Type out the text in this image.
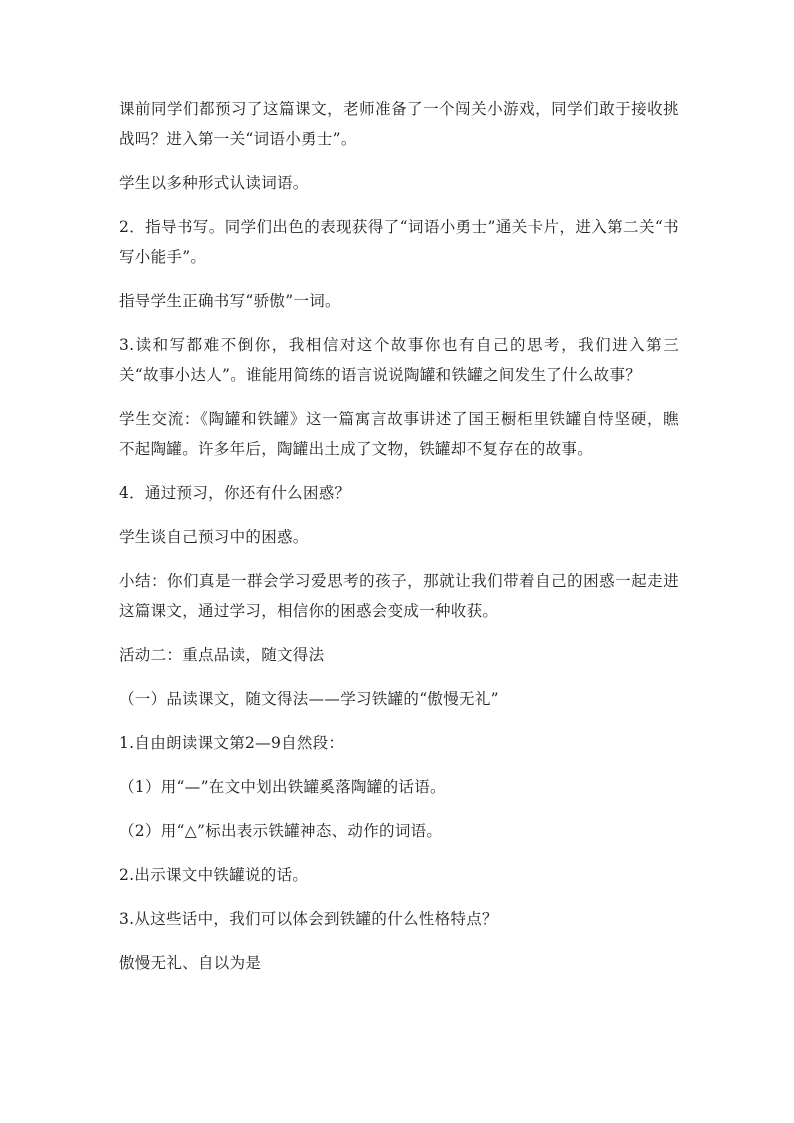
课前同学们都预习了这篇课文，老师准备了一个闯关小游戏，同学们敢于接收挑战吗？进入第一关“词语小勇士”。

学生以多种形式认读词语。

2．指导书写。同学们出色的表现获得了“词语小勇士”通关卡片，进入第二关“书写小能手”。

指导学生正确书写“骄傲”一词。

3.读和写都难不倒你，我相信对这个故事你也有自己的思考，我们进入第三关“故事小达人”。谁能用简练的语言说说陶罐和铁罐之间发生了什么故事？

学生交流：《陶罐和铁罐》这一篇寓言故事讲述了国王橱柜里铁罐自恃坚硬，瞧不起陶罐。许多年后，陶罐出土成了文物，铁罐却不复存在的故事。

4．通过预习，你还有什么困惑？

学生谈自己预习中的困惑。

小结：你们真是一群会学习爱思考的孩子，那就让我们带着自己的困惑一起走进这篇课文，通过学习，相信你的困惑会变成一种收获。

活动二：重点品读，随文得法

（一）品读课文，随文得法——学习铁罐的“傲慢无礼”

1.自由朗读课文第2—9自然段：

（1）用“—”在文中划出铁罐奚落陶罐的话语。

（2）用“△”标出表示铁罐神态、动作的词语。

2.出示课文中铁罐说的话。

3.从这些话中，我们可以体会到铁罐的什么性格特点？

傲慢无礼、自以为是
